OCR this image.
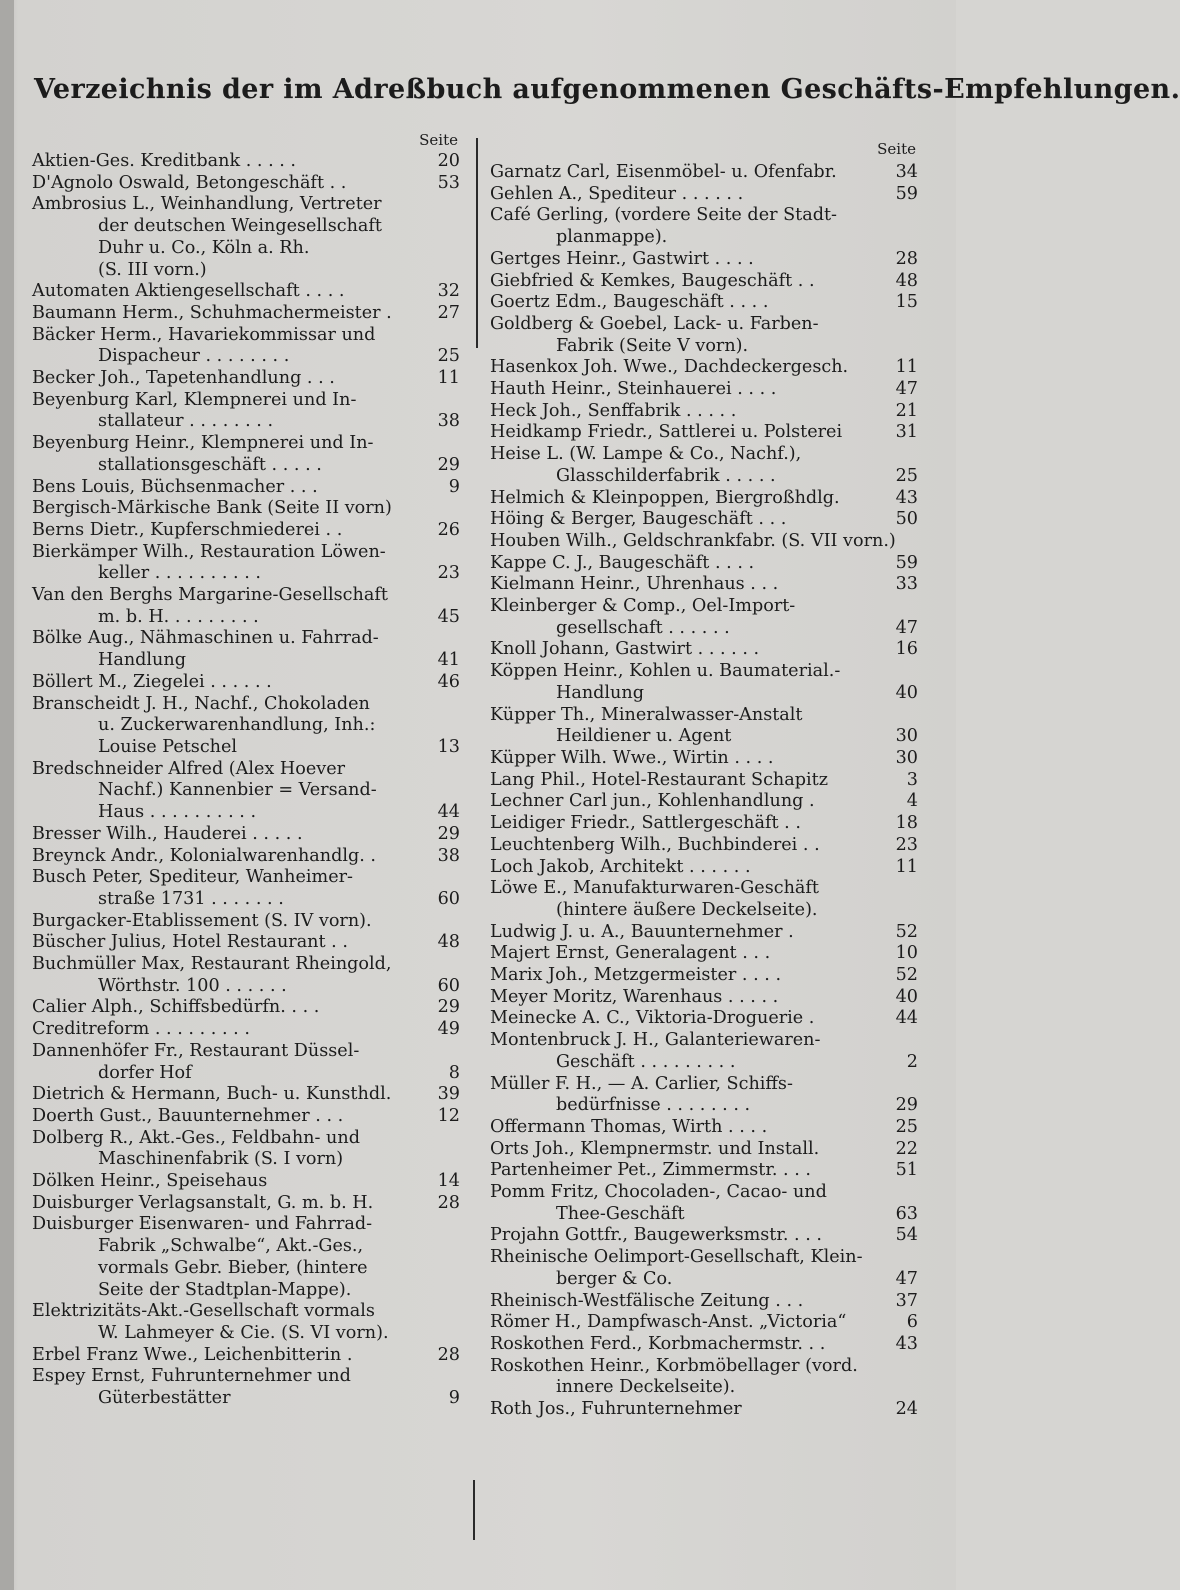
Verzeichnis der im Adreßbuch aufgenommenen Geschäfts-Empfehlungen.
Seite
Aktien-Ges. Kreditbank . . . . .	20
D'Agnolo Oswald, Betongeschäft . .	53
Ambrosius L., Weinhandlung, Vertreter
der deutschen Weingesellschaft
Duhr u. Co., Köln a. Rh.
(S. III vorn.)
Automaten Aktiengesellschaft . . . .	32
Baumann Herm., Schuhmachermeister .	27
Bäcker Herm., Havariekommissar und
Dispacheur . . . . . . . .	25
Becker Joh., Tapetenhandlung . . .	11
Beyenburg Karl, Klempnerei und In-
stallateur . . . . . . . .	38
Beyenburg Heinr., Klempnerei und In-
stallationsgeschäft . . . . .	29
Bens Louis, Büchsenmacher . . .	9
Bergisch-Märkische Bank (Seite II vorn)
Berns Dietr., Kupferschmiederei . .	26
Bierkämper Wilh., Restauration Löwen-
keller . . . . . . . . . .	23
Van den Berghs Margarine-Gesellschaft
m. b. H. . . . . . . . .	45
Bölke Aug., Nähmaschinen u. Fahrrad-
Handlung	41
Böllert M., Ziegelei . . . . . .	46
Branscheidt J. H., Nachf., Chokoladen
u. Zuckerwarenhandlung, Inh.:
Louise Petschel	13
Bredschneider Alfred (Alex Hoever
Nachf.) Kannenbier = Versand-
Haus . . . . . . . . . .	44
Bresser Wilh., Hauderei . . . . .	29
Breynck Andr., Kolonialwarenhandlg. .	38
Busch Peter, Spediteur, Wanheimer-
straße 1731 . . . . . . .	60
Burgacker-Etablissement (S. IV vorn).
Büscher Julius, Hotel Restaurant . .	48
Buchmüller Max, Restaurant Rheingold,
Wörthstr. 100 . . . . . .	60
Calier Alph., Schiffsbedürfn. . . .	29
Creditreform . . . . . . . . .	49
Dannenhöfer Fr., Restaurant Düssel-
dorfer Hof	8
Dietrich & Hermann, Buch- u. Kunsthdl.	39
Doerth Gust., Bauunternehmer . . .	12
Dolberg R., Akt.-Ges., Feldbahn- und
Maschinenfabrik (S. I vorn)
Dölken Heinr., Speisehaus	14
Duisburger Verlagsanstalt, G. m. b. H.	28
Duisburger Eisenwaren- und Fahrrad-
Fabrik „Schwalbe“, Akt.-Ges.,
vormals Gebr. Bieber, (hintere
Seite der Stadtplan-Mappe).
Elektrizitäts-Akt.-Gesellschaft vormals
W. Lahmeyer & Cie. (S. VI vorn).
Erbel Franz Wwe., Leichenbitterin .	28
Espey Ernst, Fuhrunternehmer und
Güterbestätter	9
Seite
Garnatz Carl, Eisenmöbel- u. Ofenfabr.	34
Gehlen A., Spediteur . . . . . .	59
Café Gerling, (vordere Seite der Stadt-
planmappe).
Gertges Heinr., Gastwirt . . . .	28
Giebfried & Kemkes, Baugeschäft . .	48
Goertz Edm., Baugeschäft . . . .	15
Goldberg & Goebel, Lack- u. Farben-
Fabrik (Seite V vorn).
Hasenkox Joh. Wwe., Dachdeckergesch.	11
Hauth Heinr., Steinhauerei . . . .	47
Heck Joh., Senffabrik . . . . .	21
Heidkamp Friedr., Sattlerei u. Polsterei	31
Heise L. (W. Lampe & Co., Nachf.),
Glasschilderfabrik . . . . .	25
Helmich & Kleinpoppen, Biergroßhdlg.	43
Höing & Berger, Baugeschäft . . .	50
Houben Wilh., Geldschrankfabr. (S. VII vorn.)
Kappe C. J., Baugeschäft . . . .	59
Kielmann Heinr., Uhrenhaus . . .	33
Kleinberger & Comp., Oel-Import-
gesellschaft . . . . . .	47
Knoll Johann, Gastwirt . . . . . .	16
Köppen Heinr., Kohlen u. Baumaterial.-
Handlung	40
Küpper Th., Mineralwasser-Anstalt
Heildiener u. Agent	30
Küpper Wilh. Wwe., Wirtin . . . .	30
Lang Phil., Hotel-Restaurant Schapitz	3
Lechner Carl jun., Kohlenhandlung .	4
Leidiger Friedr., Sattlergeschäft . .	18
Leuchtenberg Wilh., Buchbinderei . .	23
Loch Jakob, Architekt . . . . . .	11
Löwe E., Manufakturwaren-Geschäft
(hintere äußere Deckelseite).
Ludwig J. u. A., Bauunternehmer .	52
Majert Ernst, Generalagent . . .	10
Marix Joh., Metzgermeister . . . .	52
Meyer Moritz, Warenhaus . . . . .	40
Meinecke A. C., Viktoria-Droguerie .	44
Montenbruck J. H., Galanteriewaren-
Geschäft . . . . . . . . .	2
Müller F. H., — A. Carlier, Schiffs-
bedürfnisse . . . . . . . .	29
Offermann Thomas, Wirth . . . .	25
Orts Joh., Klempnermstr. und Install.	22
Partenheimer Pet., Zimmermstr. . . .	51
Pomm Fritz, Chocoladen-, Cacao- und
Thee-Geschäft	63
Projahn Gottfr., Baugewerksmstr. . . .	54
Rheinische Oelimport-Gesellschaft, Klein-
berger & Co.	47
Rheinisch-Westfälische Zeitung . . .	37
Römer H., Dampfwasch-Anst. „Victoria“	6
Roskothen Ferd., Korbmachermstr. . .	43
Roskothen Heinr., Korbmöbellager (vord.
innere Deckelseite).
Roth Jos., Fuhrunternehmer	24
